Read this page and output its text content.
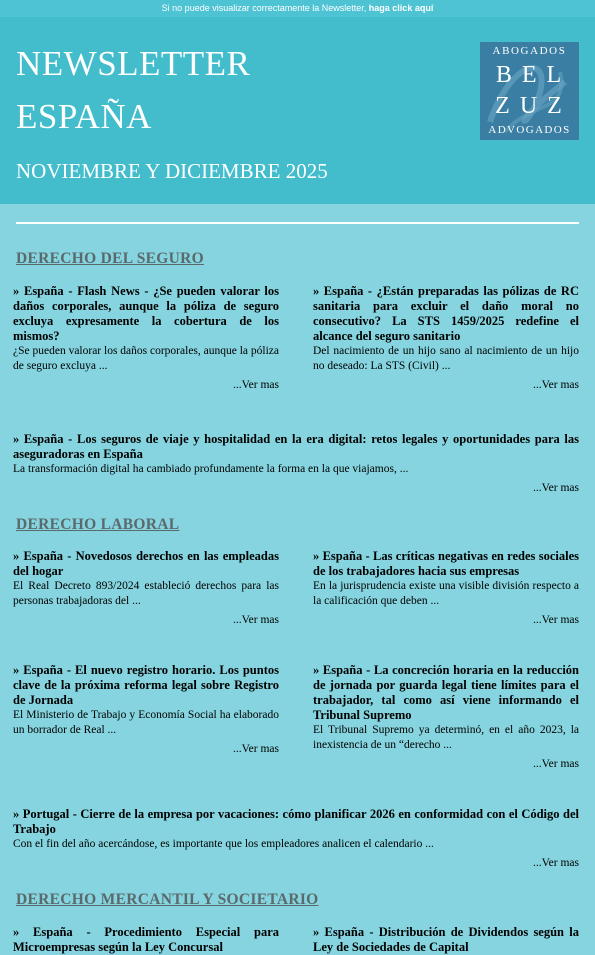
Si no puede visualizar correctamente la Newsletter, haga click aquí
NEWSLETTER
ESPAÑA
NOVIEMBRE Y DICIEMBRE 2025
ABOGADOS
BEL
ZUZ
ADVOGADOS
DERECHO DEL SEGURO
» España - Flash News - ¿Se pueden valorar los daños corporales, aunque la póliza de seguro excluya expresamente la cobertura de los mismos?
¿Se pueden valorar los daños corporales, aunque la póliza de seguro excluya ...
...Ver mas
» España - ¿Están preparadas las pólizas de RC sanitaria para excluir el daño moral no consecutivo? La STS 1459/2025 redefine el alcance del seguro sanitario
Del nacimiento de un hijo sano al nacimiento de un hijo no deseado: La STS (Civil) ...
...Ver mas
» España - Los seguros de viaje y hospitalidad en la era digital: retos legales y oportunidades para las aseguradoras en España
La transformación digital ha cambiado profundamente la forma en la que viajamos, ...
...Ver mas
DERECHO LABORAL
» España - Novedosos derechos en las empleadas del hogar
El Real Decreto 893/2024 estableció derechos para las personas trabajadoras del ...
...Ver mas
» España - Las críticas negativas en redes sociales de los trabajadores hacia sus empresas
En la jurisprudencia existe una visible división respecto a la calificación que deben ...
...Ver mas
» España - El nuevo registro horario. Los puntos clave de la próxima reforma legal sobre Registro de Jornada
El Ministerio de Trabajo y Economía Social ha elaborado un borrador de Real ...
...Ver mas
» España - La concreción horaria en la reducción de jornada por guarda legal tiene límites para el trabajador, tal como así viene informando el Tribunal Supremo
El Tribunal Supremo ya determinó, en el año 2023, la inexistencia de un “derecho ...
...Ver mas
» Portugal - Cierre de la empresa por vacaciones: cómo planificar 2026 en conformidad con el Código del Trabajo
Con el fin del año acercándose, es importante que los empleadores analicen el calendario ...
...Ver mas
DERECHO MERCANTIL Y SOCIETARIO
» España - Procedimiento Especial para Microempresas según la Ley Concursal
» España - Distribución de Dividendos según la Ley de Sociedades de Capital
